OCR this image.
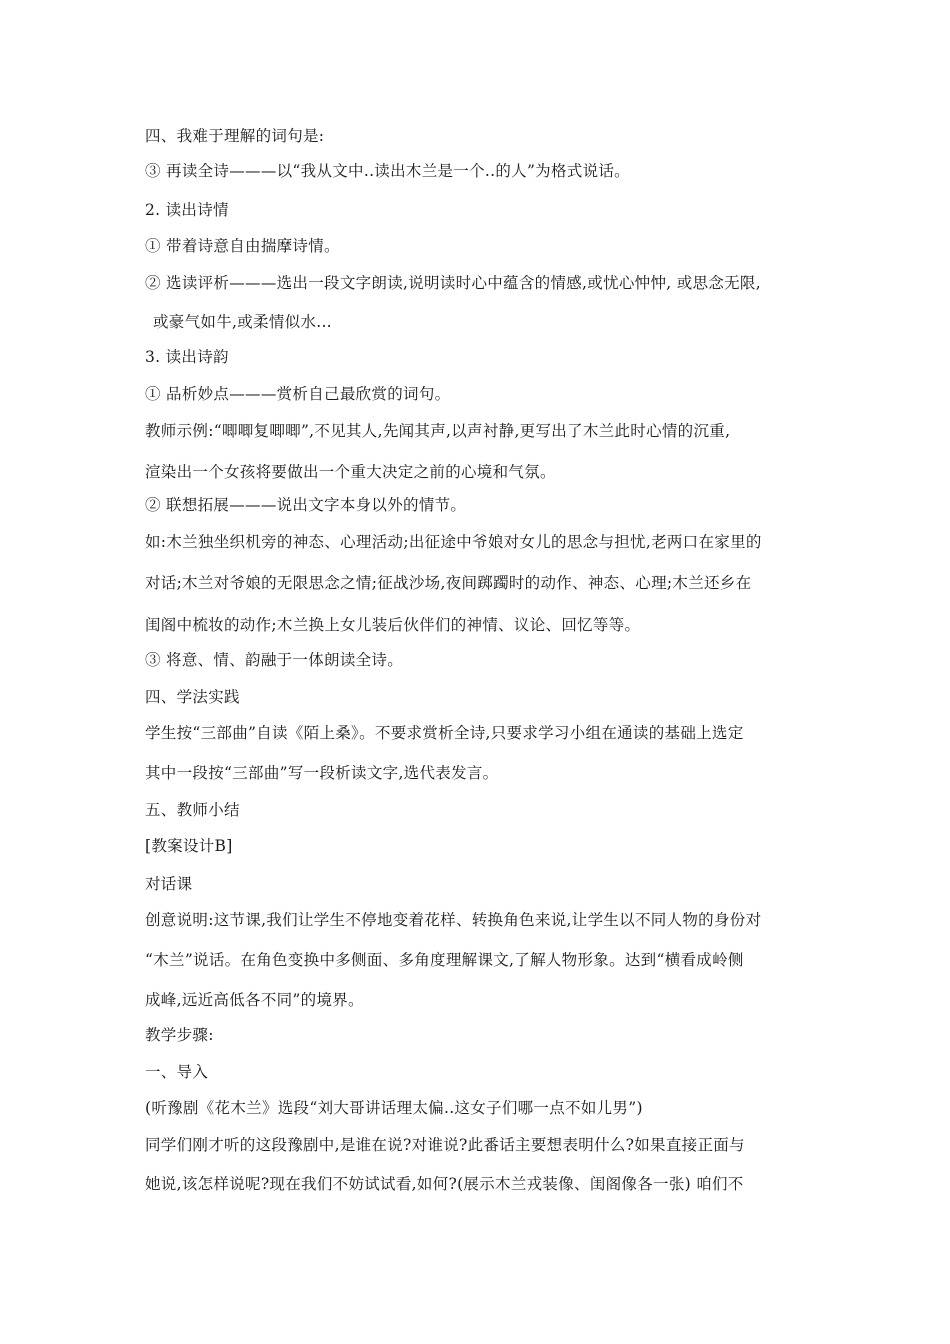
四、我难于理解的词句是:
③ 再读全诗———以“我从文中..读出木兰是一个..的人”为格式说话。
2. 读出诗情
① 带着诗意自由揣摩诗情。
② 选读评析———选出一段文字朗读,说明读时心中蕴含的情感,或忧心忡忡, 或思念无限,
或豪气如牛,或柔情似水...
3. 读出诗韵
① 品析妙点———赏析自己最欣赏的词句。
教师示例:“唧唧复唧唧”,不见其人,先闻其声,以声衬静,更写出了木兰此时心情的沉重,
渲染出一个女孩将要做出一个重大决定之前的心境和气氛。
② 联想拓展———说出文字本身以外的情节。
如:木兰独坐织机旁的神态、心理活动;出征途中爷娘对女儿的思念与担忧,老两口在家里的
对话;木兰对爷娘的无限思念之情;征战沙场,夜间踯躅时的动作、神态、心理;木兰还乡在
闺阁中梳妆的动作;木兰换上女儿装后伙伴们的神情、议论、回忆等等。
③ 将意、情、韵融于一体朗读全诗。
四、学法实践
学生按“三部曲”自读《陌上桑》。不要求赏析全诗,只要求学习小组在通读的基础上选定
其中一段按“三部曲”写一段析读文字,选代表发言。
五、教师小结
[教案设计B]
对话课
创意说明:这节课,我们让学生不停地变着花样、转换角色来说,让学生以不同人物的身份对
“木兰”说话。在角色变换中多侧面、多角度理解课文,了解人物形象。达到“横看成岭侧
成峰,远近高低各不同”的境界。
教学步骤:
一、导入
(听豫剧《花木兰》选段“刘大哥讲话理太偏..这女子们哪一点不如儿男”)
同学们刚才听的这段豫剧中,是谁在说?对谁说?此番话主要想表明什么?如果直接正面与
她说,该怎样说呢?现在我们不妨试试看,如何?(展示木兰戎装像、闺阁像各一张) 咱们不
